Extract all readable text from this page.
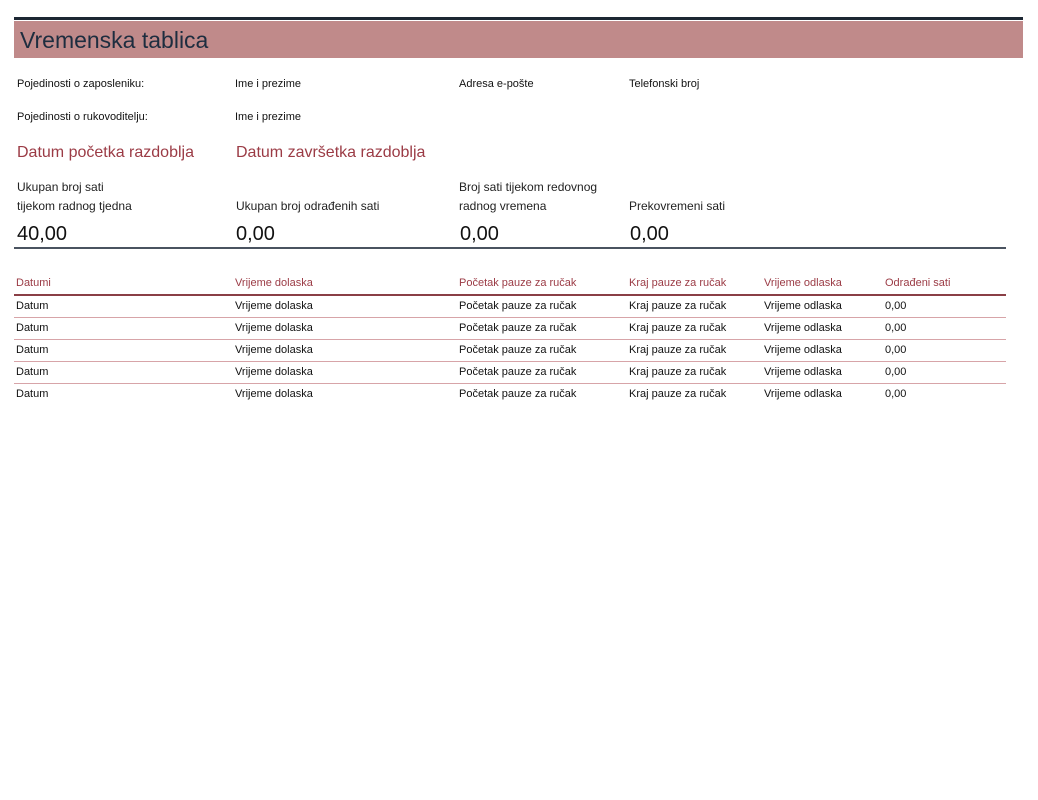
Vremenska tablica
Pojedinosti o zaposleniku:	Ime i prezime	Adresa e-pošte	Telefonski broj
Pojedinosti o rukovoditelju:	Ime i prezime
Datum početka razdoblja	Datum završetka razdoblja
Ukupan broj sati
tijekom radnog tjedna	Ukupan broj odrađenih sati
Broj sati tijekom redovnog
radnog vremena	Prekovremeni sati
40,00	0,00	0,00	0,00
Datumi	Vrijeme dolaska	Početak pauze za ručak	Kraj pauze za ručak	Vrijeme odlaska	Odrađeni sati
Datum	Vrijeme dolaska	Početak pauze za ručak	Kraj pauze za ručak	Vrijeme odlaska	0,00
Datum	Vrijeme dolaska	Početak pauze za ručak	Kraj pauze za ručak	Vrijeme odlaska	0,00
Datum	Vrijeme dolaska	Početak pauze za ručak	Kraj pauze za ručak	Vrijeme odlaska	0,00
Datum	Vrijeme dolaska	Početak pauze za ručak	Kraj pauze za ručak	Vrijeme odlaska	0,00
Datum	Vrijeme dolaska	Početak pauze za ručak	Kraj pauze za ručak	Vrijeme odlaska	0,00
